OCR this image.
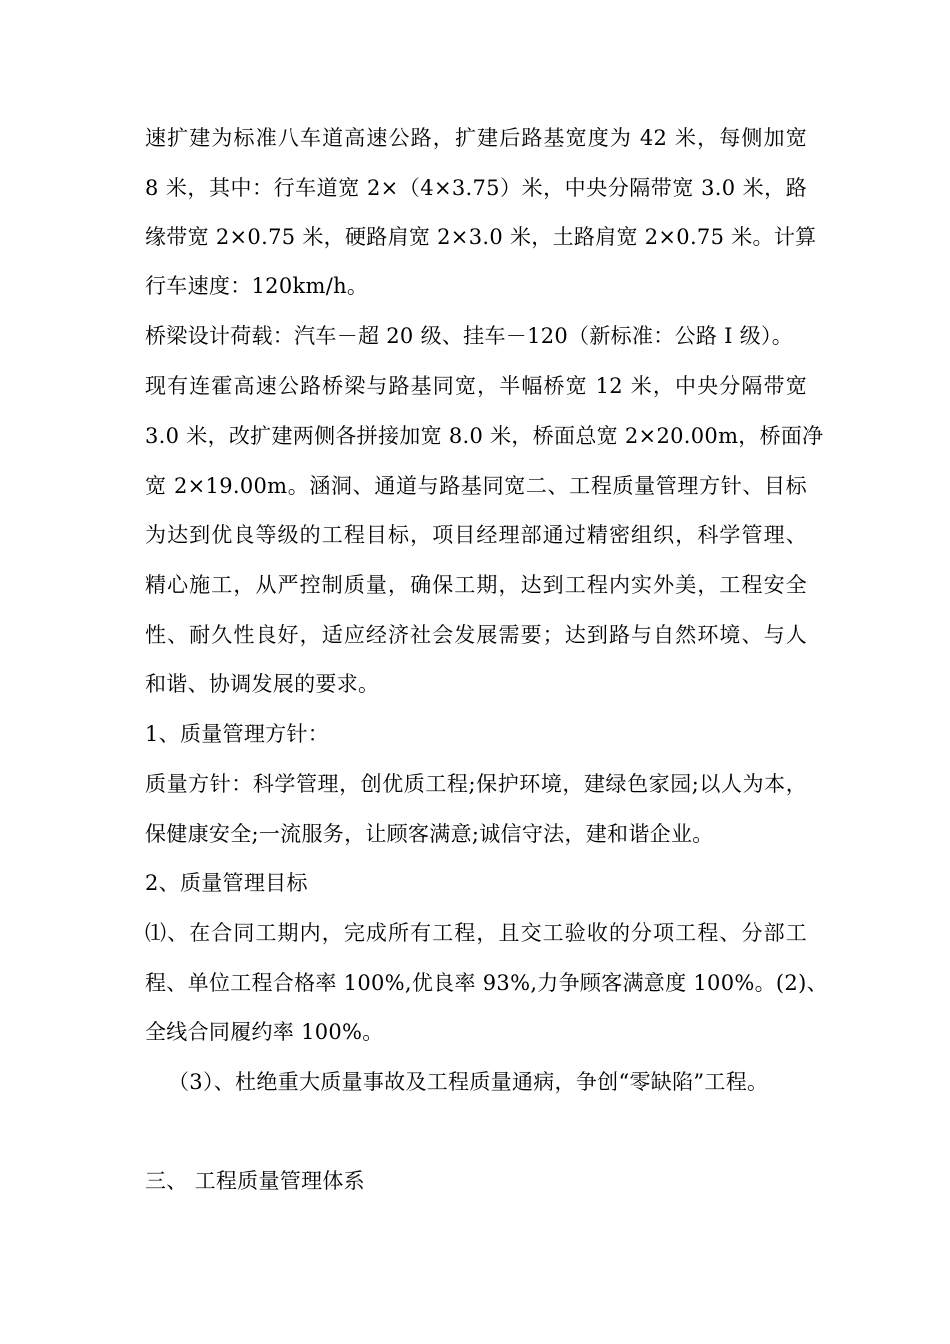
速扩建为标准八车道高速公路，扩建后路基宽度为 42 米，每侧加宽
8 米，其中：行车道宽 2×（4×3.75）米，中央分隔带宽 3.0 米，路
缘带宽 2×0.75 米，硬路肩宽 2×3.0 米，土路肩宽 2×0.75 米。计算
行车速度：120km/h。
桥梁设计荷载：汽车－超 20 级、挂车－120（新标准：公路 I 级）。
现有连霍高速公路桥梁与路基同宽，半幅桥宽 12 米，中央分隔带宽
3.0 米，改扩建两侧各拼接加宽 8.0 米，桥面总宽 2×20.00m，桥面净
宽 2×19.00m。涵洞、通道与路基同宽二、工程质量管理方针、目标
为达到优良等级的工程目标，项目经理部通过精密组织，科学管理、
精心施工，从严控制质量，确保工期，达到工程内实外美，工程安全
性、耐久性良好，适应经济社会发展需要；达到路与自然环境、与人
和谐、协调发展的要求。
1、质量管理方针：
质量方针：科学管理，创优质工程;保护环境，建绿色家园;以人为本，
保健康安全;一流服务，让顾客满意;诚信守法，建和谐企业。
2、质量管理目标
⑴、在合同工期内，完成所有工程，且交工验收的分项工程、分部工
程、单位工程合格率 100%,优良率 93%,力争顾客满意度 100%。(2)、
全线合同履约率 100%。
（3）、杜绝重大质量事故及工程质量通病，争创“零缺陷”工程。
三、 工程质量管理体系
